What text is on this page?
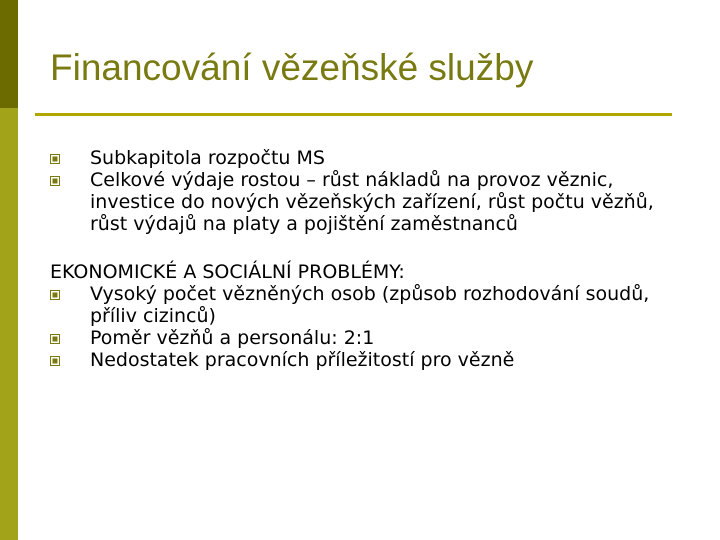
Financování vězeňské služby
Subkapitola rozpočtu MS
Celkové výdaje rostou – růst nákladů na provoz věznic, investice do nových vězeňských zařízení, růst počtu vězňů, růst výdajů na platy a pojištění zaměstnanců
EKONOMICKÉ A SOCIÁLNÍ PROBLÉMY:
Vysoký počet vězněných osob (způsob rozhodování soudů, příliv cizinců)
Poměr vězňů a personálu: 2:1
Nedostatek pracovních příležitostí pro vězně
